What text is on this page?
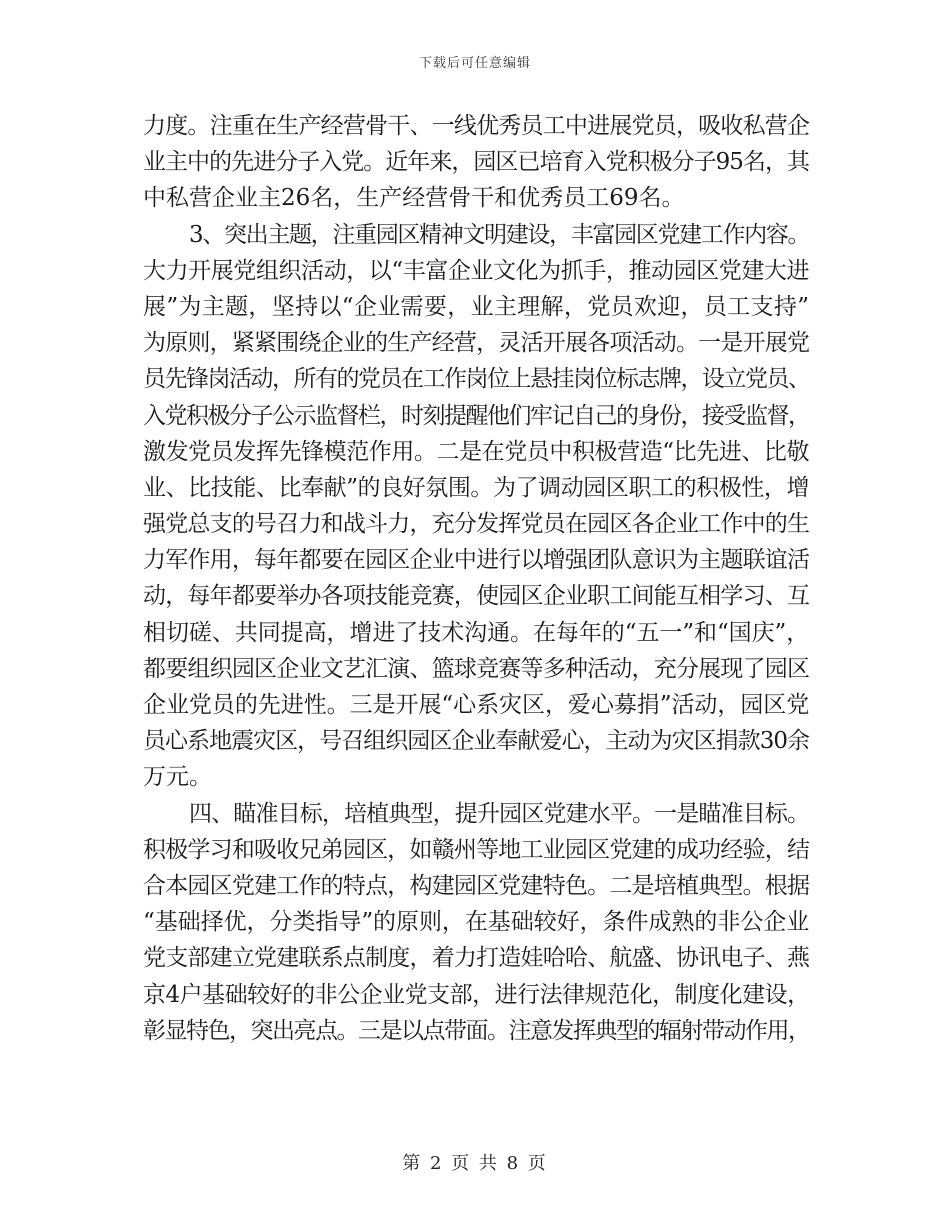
下载后可任意编辑
力度。注重在生产经营骨干、一线优秀员工中进展党员，吸收私营企
业主中的先进分子入党。近年来，园区已培育入党积极分子95名，其
中私营企业主26名，生产经营骨干和优秀员工69名。
3、突出主题，注重园区精神文明建设，丰富园区党建工作内容。
大力开展党组织活动，以“丰富企业文化为抓手，推动园区党建大进
展”为主题，坚持以“企业需要，业主理解，党员欢迎，员工支持”
为原则，紧紧围绕企业的生产经营，灵活开展各项活动。一是开展党
员先锋岗活动，所有的党员在工作岗位上悬挂岗位标志牌，设立党员、
入党积极分子公示监督栏，时刻提醒他们牢记自己的身份，接受监督，
激发党员发挥先锋模范作用。二是在党员中积极营造“比先进、比敬
业、比技能、比奉献”的良好氛围。为了调动园区职工的积极性，增
强党总支的号召力和战斗力，充分发挥党员在园区各企业工作中的生
力军作用，每年都要在园区企业中进行以增强团队意识为主题联谊活
动，每年都要举办各项技能竞赛，使园区企业职工间能互相学习、互
相切磋、共同提高，增进了技术沟通。在每年的“五一”和“国庆”，
都要组织园区企业文艺汇演、篮球竞赛等多种活动，充分展现了园区
企业党员的先进性。三是开展“心系灾区，爱心募捐”活动，园区党
员心系地震灾区，号召组织园区企业奉献爱心，主动为灾区捐款30余
万元。
四、瞄准目标，培植典型，提升园区党建水平。一是瞄准目标。
积极学习和吸收兄弟园区，如赣州等地工业园区党建的成功经验，结
合本园区党建工作的特点，构建园区党建特色。二是培植典型。根据
“基础择优，分类指导”的原则，在基础较好，条件成熟的非公企业
党支部建立党建联系点制度，着力打造娃哈哈、航盛、协讯电子、燕
京4户基础较好的非公企业党支部，进行法律规范化，制度化建设，
彰显特色，突出亮点。三是以点带面。注意发挥典型的辐射带动作用，
第 2 页 共 8 页
